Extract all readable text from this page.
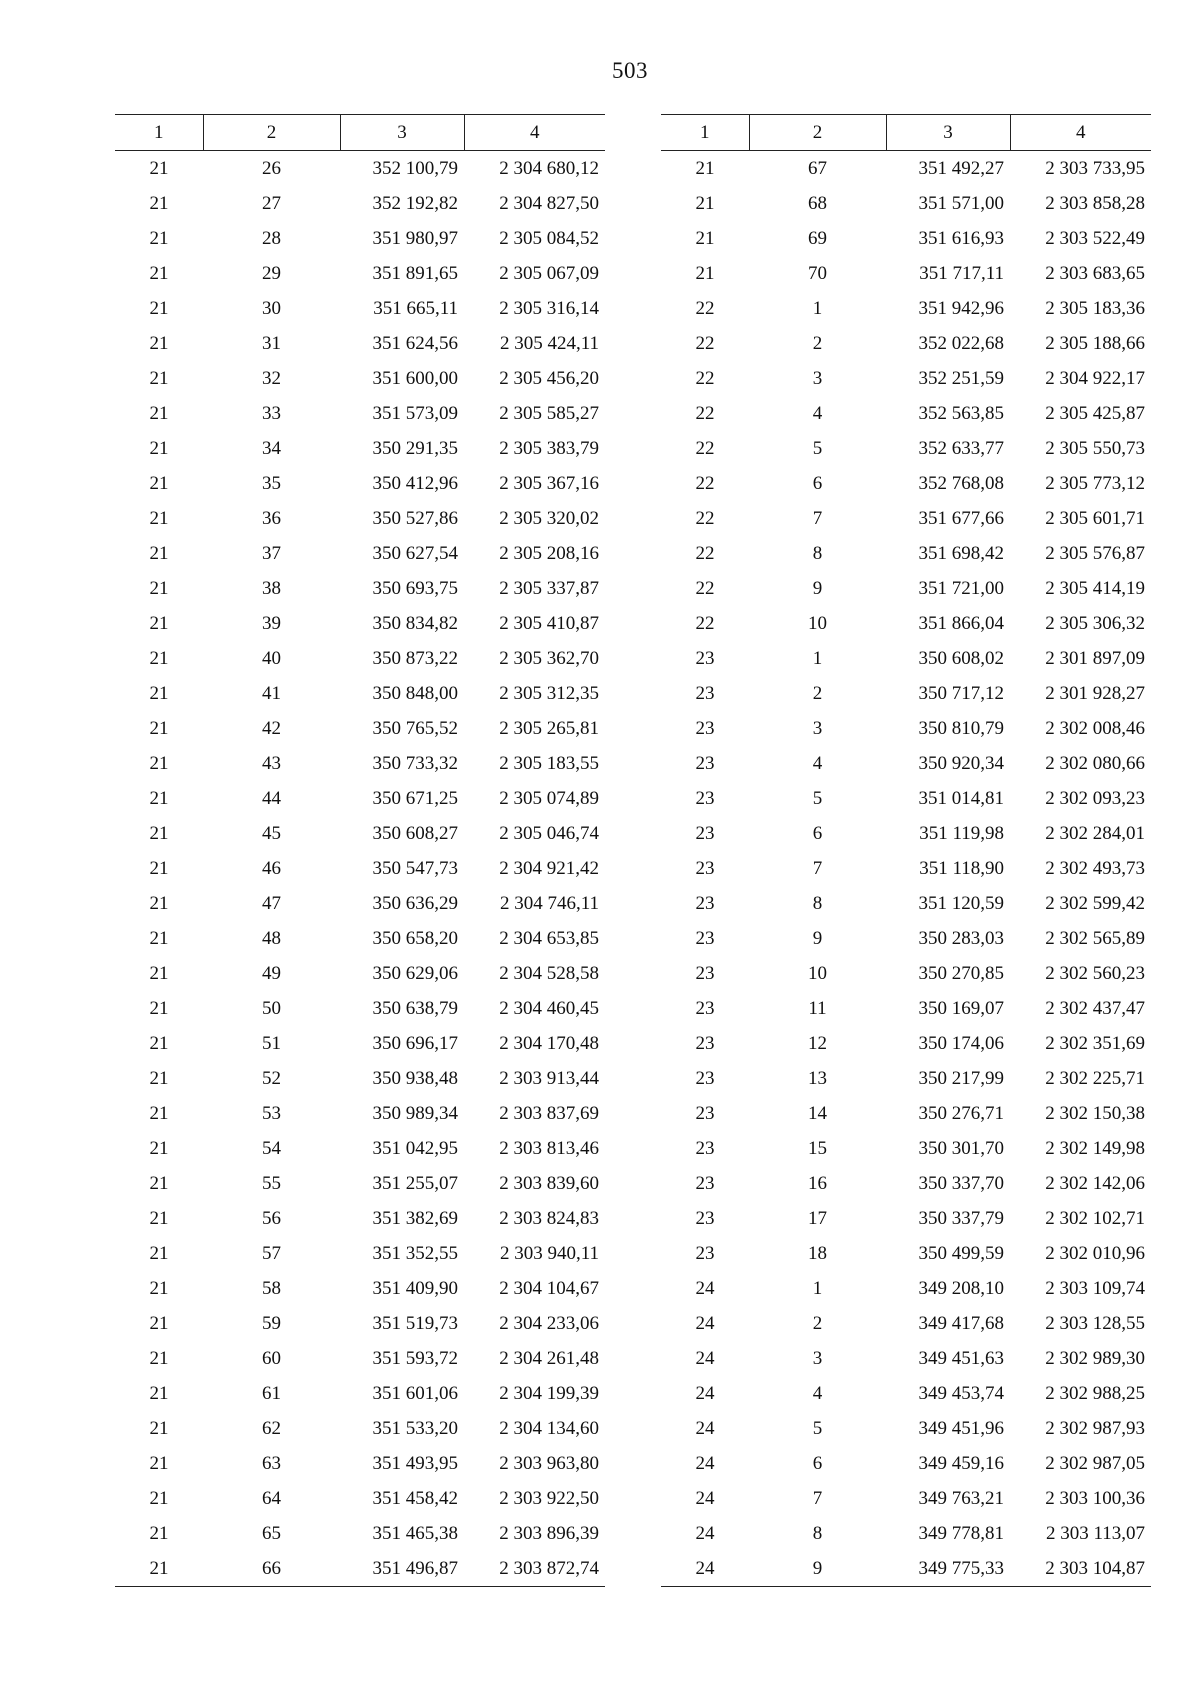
503
1	2	3	4
21	26	352 100,79	2 304 680,12
21	27	352 192,82	2 304 827,50
21	28	351 980,97	2 305 084,52
21	29	351 891,65	2 305 067,09
21	30	351 665,11	2 305 316,14
21	31	351 624,56	2 305 424,11
21	32	351 600,00	2 305 456,20
21	33	351 573,09	2 305 585,27
21	34	350 291,35	2 305 383,79
21	35	350 412,96	2 305 367,16
21	36	350 527,86	2 305 320,02
21	37	350 627,54	2 305 208,16
21	38	350 693,75	2 305 337,87
21	39	350 834,82	2 305 410,87
21	40	350 873,22	2 305 362,70
21	41	350 848,00	2 305 312,35
21	42	350 765,52	2 305 265,81
21	43	350 733,32	2 305 183,55
21	44	350 671,25	2 305 074,89
21	45	350 608,27	2 305 046,74
21	46	350 547,73	2 304 921,42
21	47	350 636,29	2 304 746,11
21	48	350 658,20	2 304 653,85
21	49	350 629,06	2 304 528,58
21	50	350 638,79	2 304 460,45
21	51	350 696,17	2 304 170,48
21	52	350 938,48	2 303 913,44
21	53	350 989,34	2 303 837,69
21	54	351 042,95	2 303 813,46
21	55	351 255,07	2 303 839,60
21	56	351 382,69	2 303 824,83
21	57	351 352,55	2 303 940,11
21	58	351 409,90	2 304 104,67
21	59	351 519,73	2 304 233,06
21	60	351 593,72	2 304 261,48
21	61	351 601,06	2 304 199,39
21	62	351 533,20	2 304 134,60
21	63	351 493,95	2 303 963,80
21	64	351 458,42	2 303 922,50
21	65	351 465,38	2 303 896,39
21	66	351 496,87	2 303 872,74
1	2	3	4
21	67	351 492,27	2 303 733,95
21	68	351 571,00	2 303 858,28
21	69	351 616,93	2 303 522,49
21	70	351 717,11	2 303 683,65
22	1	351 942,96	2 305 183,36
22	2	352 022,68	2 305 188,66
22	3	352 251,59	2 304 922,17
22	4	352 563,85	2 305 425,87
22	5	352 633,77	2 305 550,73
22	6	352 768,08	2 305 773,12
22	7	351 677,66	2 305 601,71
22	8	351 698,42	2 305 576,87
22	9	351 721,00	2 305 414,19
22	10	351 866,04	2 305 306,32
23	1	350 608,02	2 301 897,09
23	2	350 717,12	2 301 928,27
23	3	350 810,79	2 302 008,46
23	4	350 920,34	2 302 080,66
23	5	351 014,81	2 302 093,23
23	6	351 119,98	2 302 284,01
23	7	351 118,90	2 302 493,73
23	8	351 120,59	2 302 599,42
23	9	350 283,03	2 302 565,89
23	10	350 270,85	2 302 560,23
23	11	350 169,07	2 302 437,47
23	12	350 174,06	2 302 351,69
23	13	350 217,99	2 302 225,71
23	14	350 276,71	2 302 150,38
23	15	350 301,70	2 302 149,98
23	16	350 337,70	2 302 142,06
23	17	350 337,79	2 302 102,71
23	18	350 499,59	2 302 010,96
24	1	349 208,10	2 303 109,74
24	2	349 417,68	2 303 128,55
24	3	349 451,63	2 302 989,30
24	4	349 453,74	2 302 988,25
24	5	349 451,96	2 302 987,93
24	6	349 459,16	2 302 987,05
24	7	349 763,21	2 303 100,36
24	8	349 778,81	2 303 113,07
24	9	349 775,33	2 303 104,87
